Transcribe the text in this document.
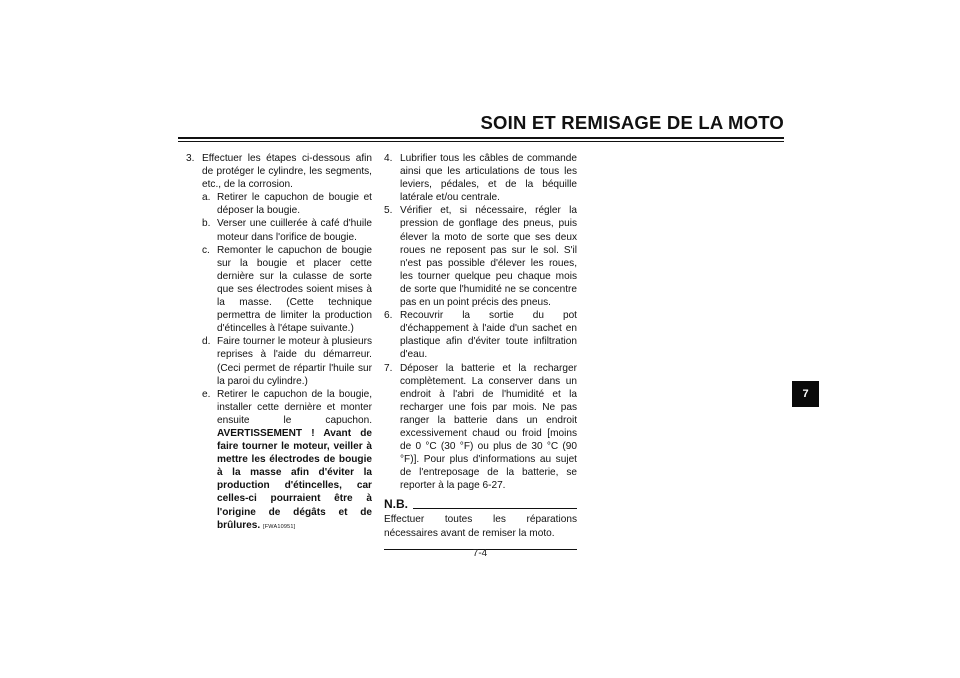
SOIN ET REMISAGE DE LA MOTO
3. Effectuer les étapes ci-dessous afin de protéger le cylindre, les segments, etc., de la corrosion.
a. Retirer le capuchon de bougie et déposer la bougie.
b. Verser une cuillerée à café d'huile moteur dans l'orifice de bougie.
c. Remonter le capuchon de bougie sur la bougie et placer cette dernière sur la culasse de sorte que ses électrodes soient mises à la masse. (Cette technique permettra de limiter la production d'étincelles à l'étape suivante.)
d. Faire tourner le moteur à plusieurs reprises à l'aide du démarreur. (Ceci permet de répartir l'huile sur la paroi du cylindre.)
e. Retirer le capuchon de la bougie, installer cette dernière et monter ensuite le capuchon. AVERTISSEMENT ! Avant de faire tourner le moteur, veiller à mettre les électrodes de bougie à la masse afin d'éviter la production d'étincelles, car celles-ci pourraient être à l'origine de dégâts et de brûlures. [FWA10951]
4. Lubrifier tous les câbles de commande ainsi que les articulations de tous les leviers, pédales, et de la béquille latérale et/ou centrale.
5. Vérifier et, si nécessaire, régler la pression de gonflage des pneus, puis élever la moto de sorte que ses deux roues ne reposent pas sur le sol. S'il n'est pas possible d'élever les roues, les tourner quelque peu chaque mois de sorte que l'humidité ne se concentre pas en un point précis des pneus.
6. Recouvrir la sortie du pot d'échappement à l'aide d'un sachet en plastique afin d'éviter toute infiltration d'eau.
7. Déposer la batterie et la recharger complètement. La conserver dans un endroit à l'abri de l'humidité et la recharger une fois par mois. Ne pas ranger la batterie dans un endroit excessivement chaud ou froid [moins de 0 °C (30 °F) ou plus de 30 °C (90 °F)]. Pour plus d'informations au sujet de l'entreposage de la batterie, se reporter à la page 6-27.
N.B.
Effectuer toutes les réparations nécessaires avant de remiser la moto.
7-4
7
